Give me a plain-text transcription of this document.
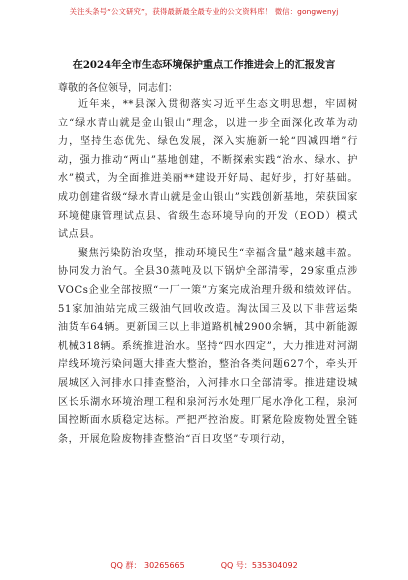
关注头条号“公文研究”，获得最新最全最专业的公文资料库！ 微信：gongwenyj
在2024年全市生态环境保护重点工作推进会上的汇报发言
尊敬的各位领导，同志们：

近年来，**县深入贯彻落实习近平生态文明思想，牢固树立“绿水青山就是金山银山”理念，以进一步全面深化改革为动力，坚持生态优先、绿色发展，深入实施新一轮“四减四增”行动，强力推动“两山”基地创建，不断探索实践“治水、绿水、护水”模式，为全面推进美丽**建设开好局、起好步，打好基础。成功创建省级“绿水青山就是金山银山”实践创新基地，荣获国家环境健康管理试点县、省级生态环境导向的开发（EOD）模式试点县。

聚焦污染防治攻坚，推动环境民生“幸福含量”越来越丰盈。协同发力治气。全县30蒸吨及以下锅炉全部清零，29家重点涉VOCs企业全部按照“一厂一策”方案完成治理升级和绩效评估。51家加油站完成三级油气回收改造。淘汰国三及以下非营运柴油货车64辆。更新国三以上非道路机械2900余辆，其中新能源机械318辆。系统推进治水。坚持“四水四定”，大力推进对河湖岸线环境污染问题大排查大整治，整治各类问题627个，牵头开展城区入河排水口排查整治，入河排水口全部清零。推进建设城区长乐湖水环境治理工程和泉河污水处理厂尾水净化工程，泉河国控断面水质稳定达标。严把严控治废。盯紧危险废物处置全链条，开展危险废物排查整治“百日攻坚”专项行动，

QQ 群： 30265665	QQ 号：535304092
